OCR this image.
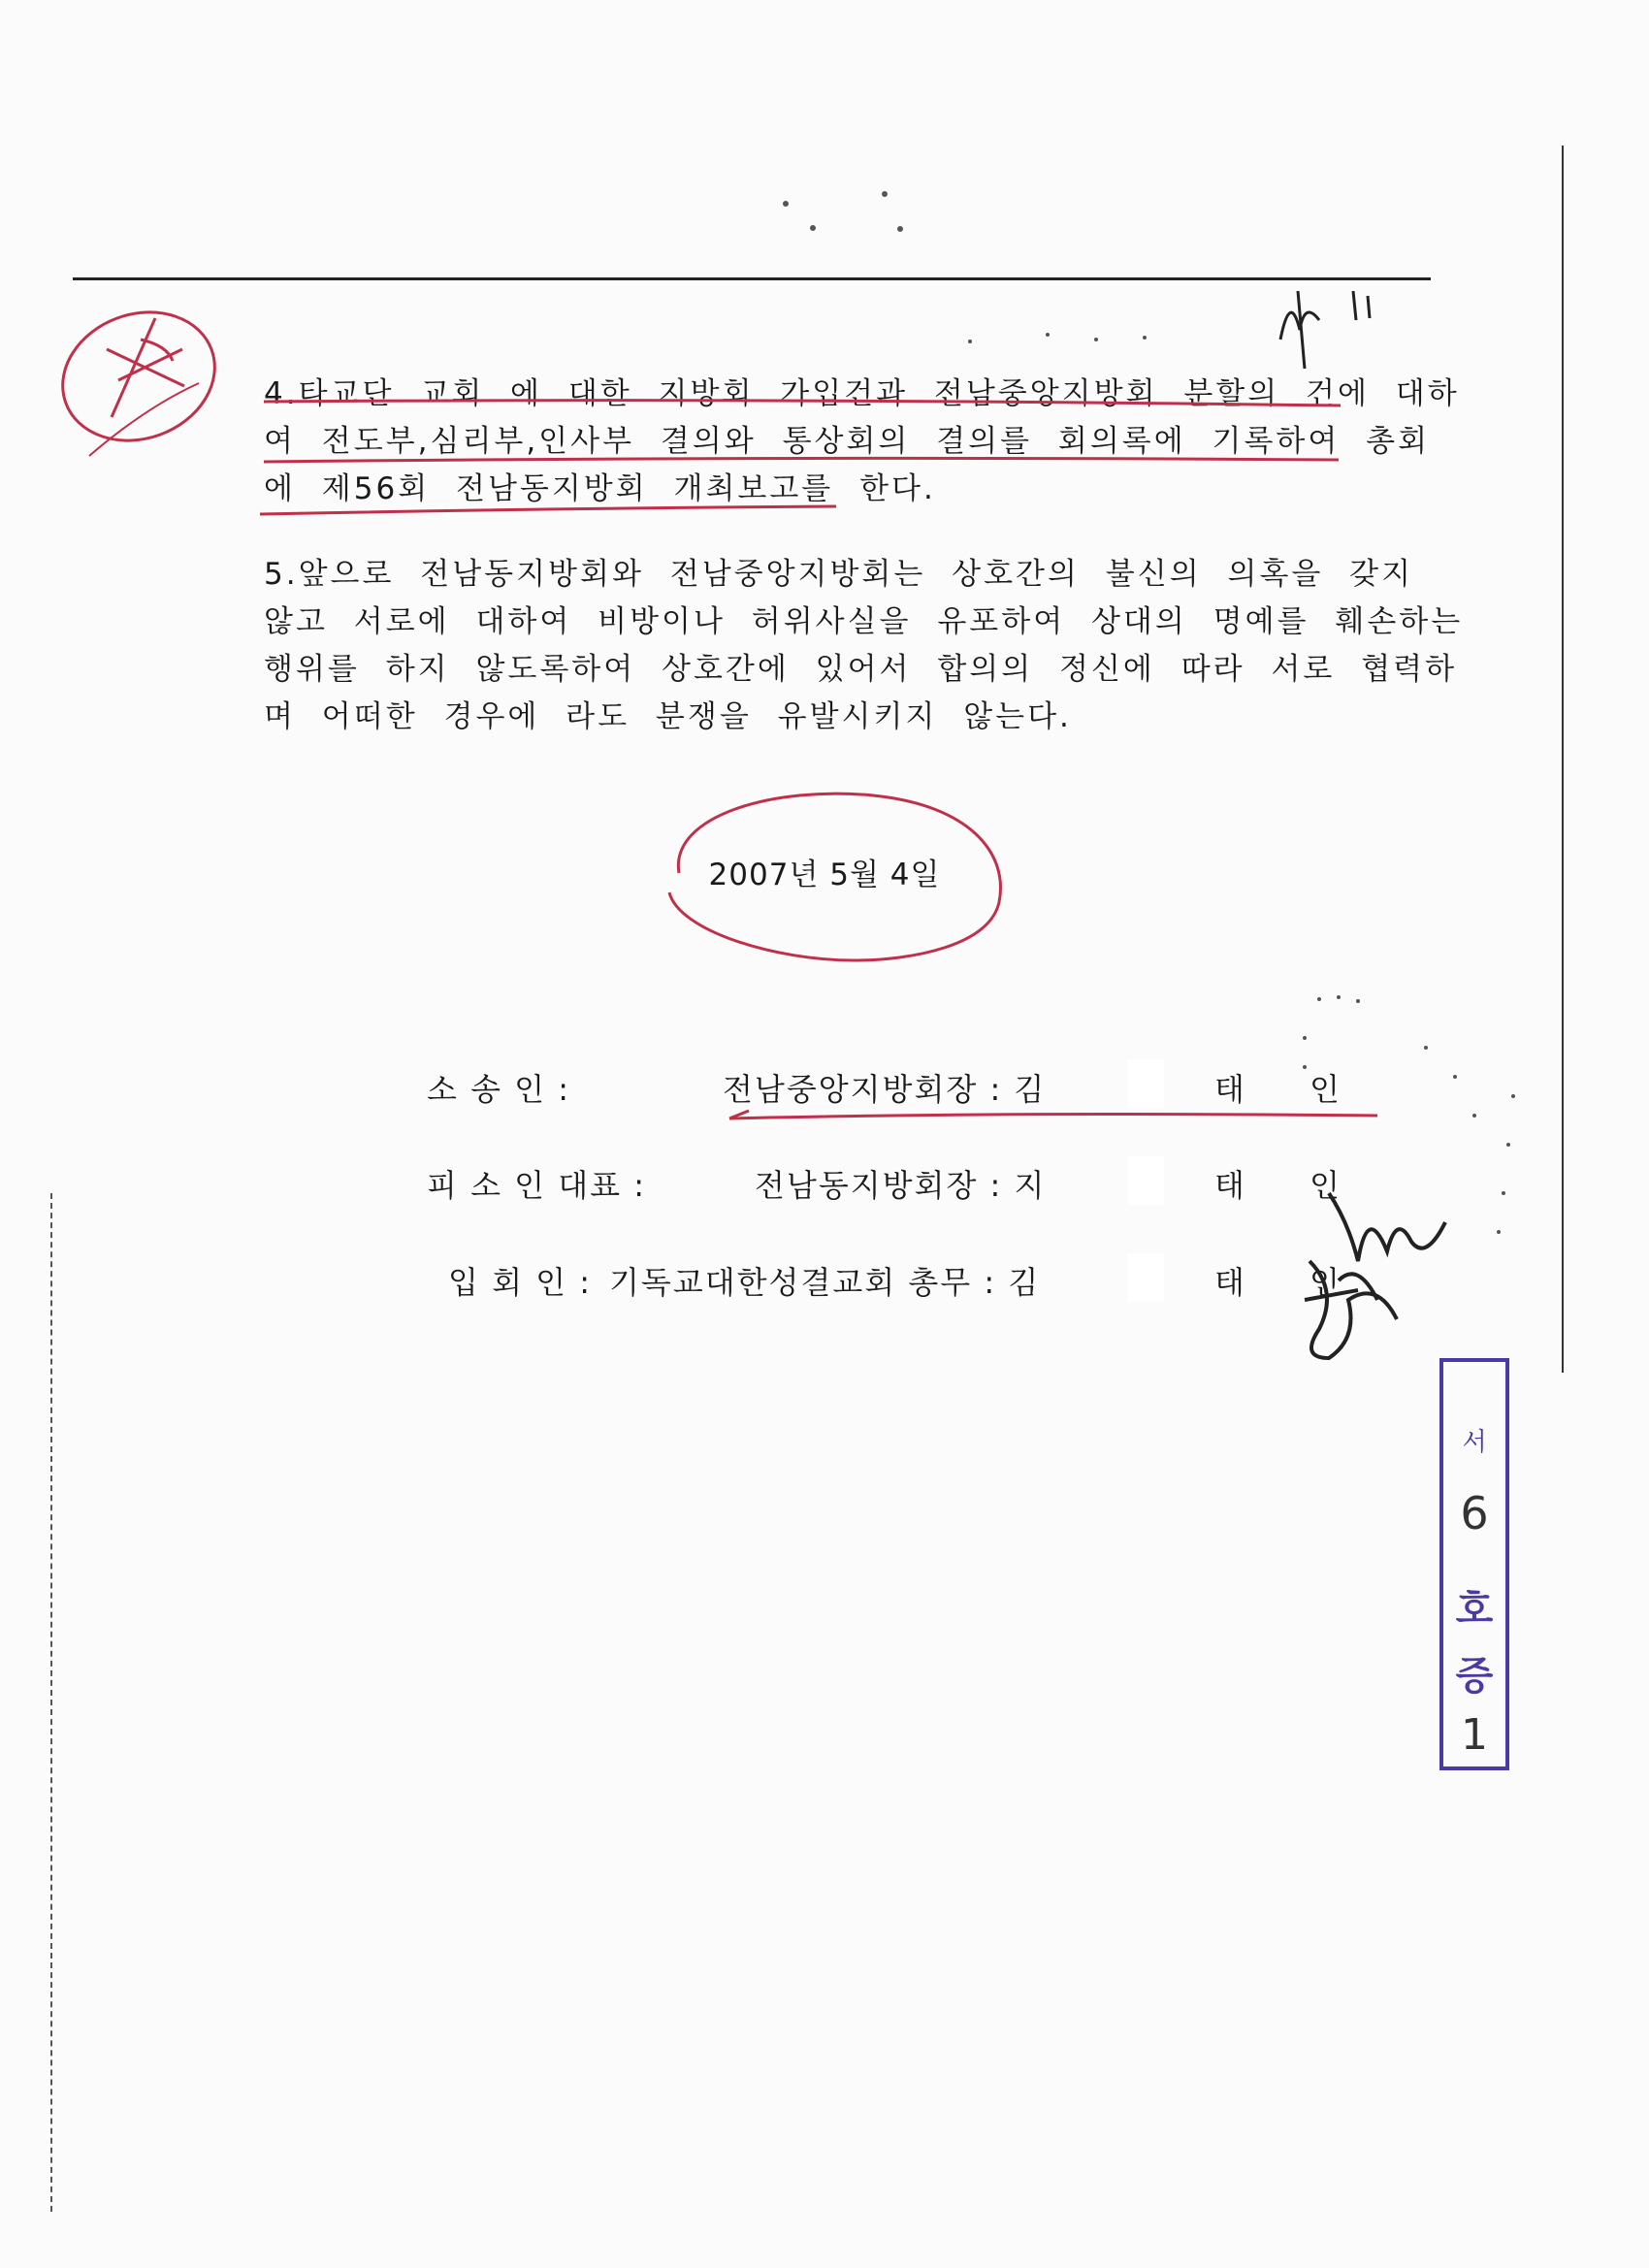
4.타교단 교회 에 대한 지방회 가입건과 전남중앙지방회 분할의 건에 대하
여 전도부,심리부,인사부 결의와 통상회의 결의를 회의록에 기록하여 총회
에 제56회 전남동지방회 개최보고를 한다.
5.앞으로 전남동지방회와 전남중앙지방회는 상호간의 불신의 의혹을 갖지
않고 서로에 대하여 비방이나 허위사실을 유포하여 상대의 명예를 훼손하는
행위를 하지 않도록하여 상호간에 있어서 합의의 정신에 따라 서로 협력하
며 어떠한 경우에 라도 분쟁을 유발시키지 않는다.
2007년 5월 4일
소 송 인 :	전남중앙지방회장 : 김	태 인
피 소 인 대표 :	전남동지방회장 : 지	태 인
입 회 인 : 기독교대한성결교회 총무 : 김	태 인
서
6
호
증
1
